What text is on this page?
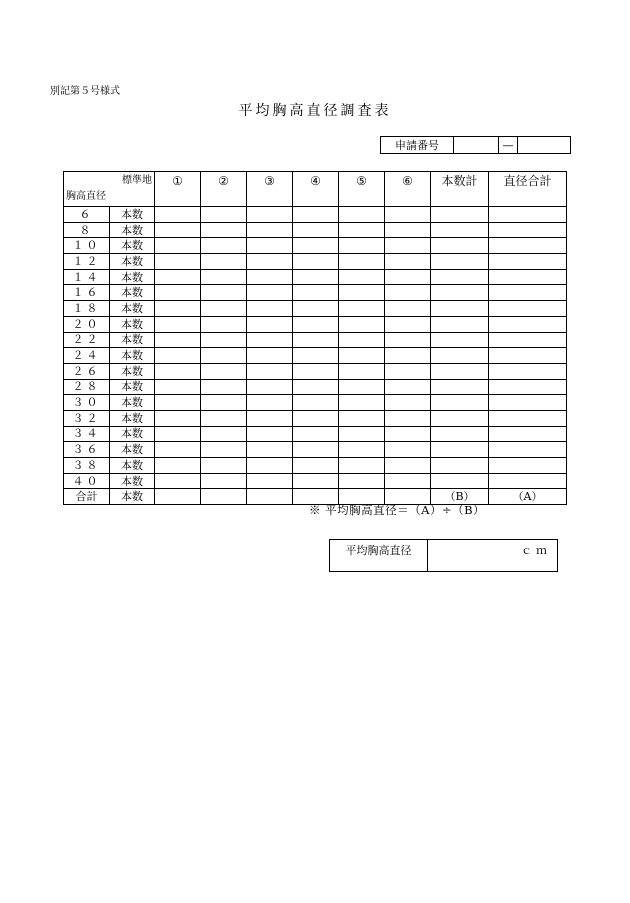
別記第５号様式
平均胸高直径調査表
申請番号		—	
標準地
胸高直径		①	②	③	④	⑤	⑥	本数計	直径合計
６	本数								
８	本数								
１０	本数								
１２	本数								
１４	本数								
１６	本数								
１８	本数								
２０	本数								
２２	本数								
２４	本数								
２６	本数								
２８	本数								
３０	本数								
３２	本数								
３４	本数								
３６	本数								
３８	本数								
４０	本数								
合計	本数							（B）	（A）
※ 平均胸高直径＝（A）÷（B）
平均胸高直径	ｃｍ
